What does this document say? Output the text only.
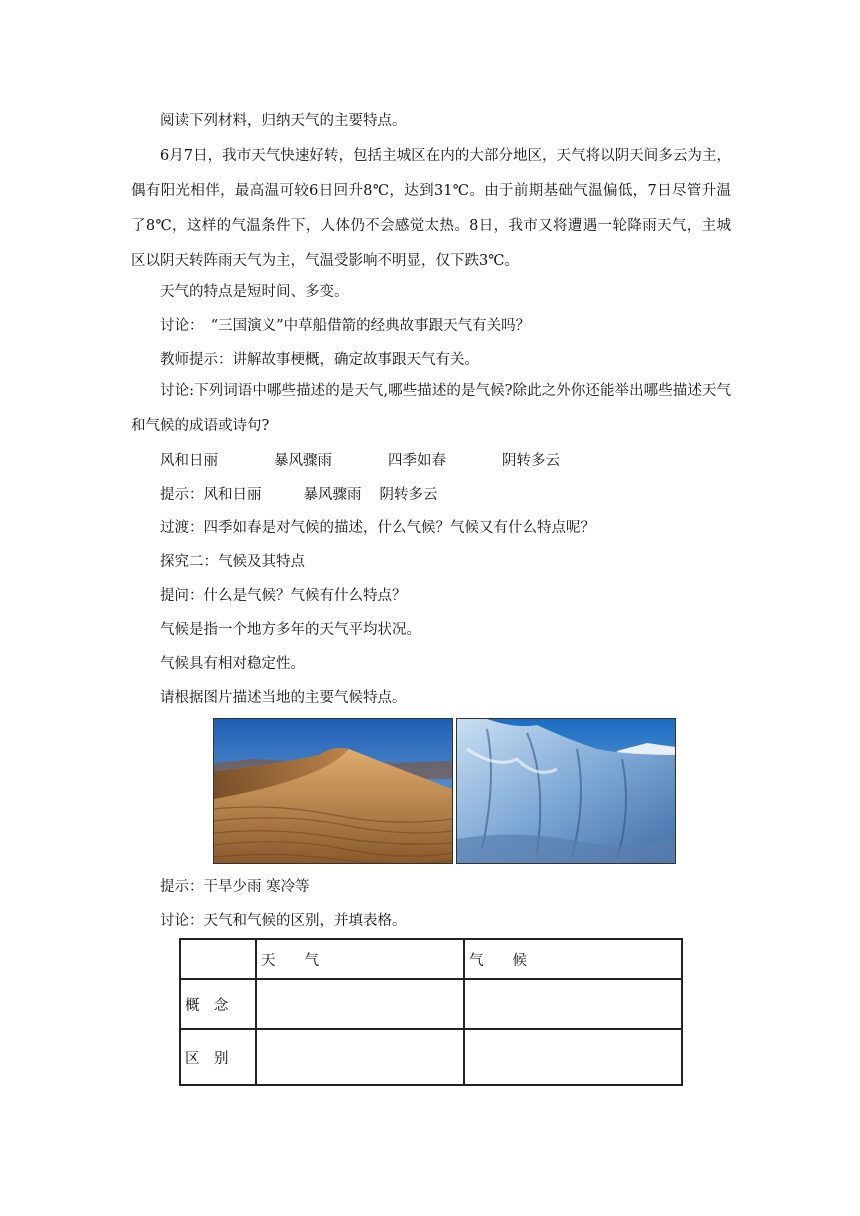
阅读下列材料，归纳天气的主要特点。
6月7日，我市天气快速好转，包括主城区在内的大部分地区，天气将以阴天间多云为主，偶有阳光相伴，最高温可较6日回升8℃，达到31℃。由于前期基础气温偏低，7日尽管升温了8℃，这样的气温条件下，人体仍不会感觉太热。8日，我市又将遭遇一轮降雨天气，主城区以阴天转阵雨天气为主，气温受影响不明显，仅下跌3℃。
天气的特点是短时间、多变。
讨论：　“三国演义”中草船借箭的经典故事跟天气有关吗？
教师提示：讲解故事梗概，确定故事跟天气有关。
讨论:下列词语中哪些描述的是天气,哪些描述的是气候?除此之外你还能举出哪些描述天气和气候的成语或诗句?
风和日丽	暴风骤雨	四季如春	阴转多云
提示：风和日丽	暴风骤雨 阴转多云
过渡：四季如春是对气候的描述，什么气候？气候又有什么特点呢？
探究二：气候及其特点
提问：什么是气候？气候有什么特点？
气候是指一个地方多年的天气平均状况。
气候具有相对稳定性。
请根据图片描述当地的主要气候特点。
提示：干旱少雨 寒冷等
讨论：天气和气候的区别，并填表格。
	天　　气	气　　候
概　念		
区　别		
